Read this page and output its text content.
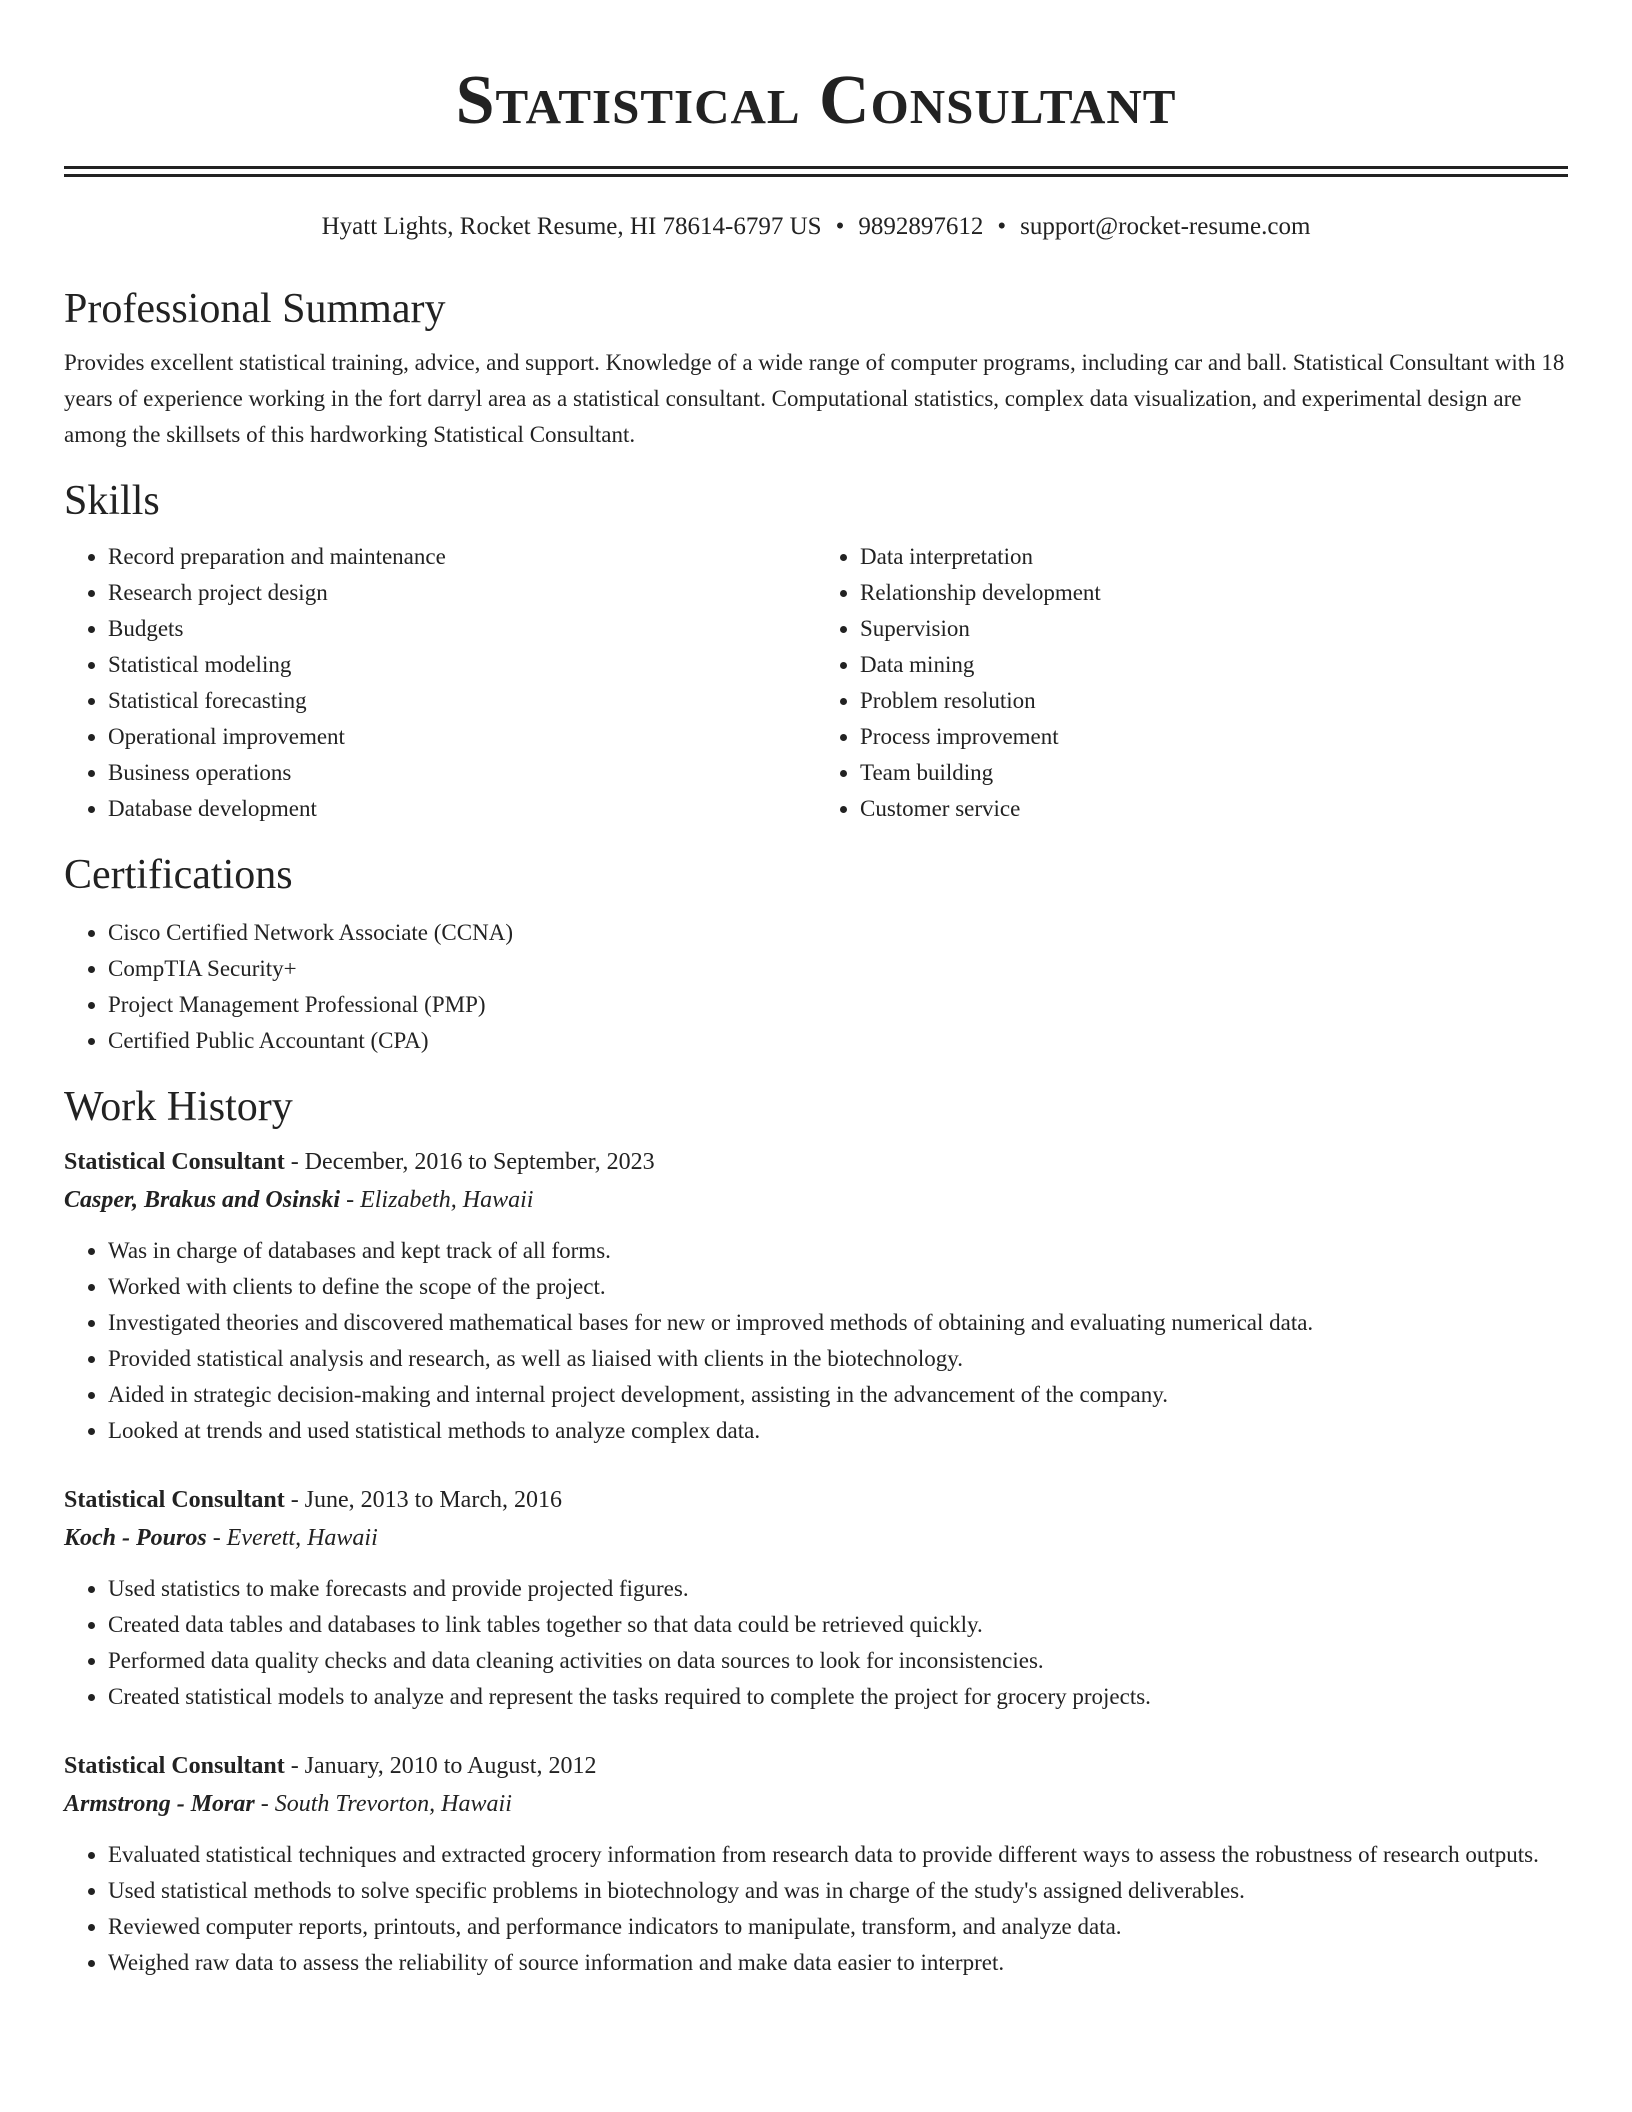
Statistical Consultant
Hyatt Lights, Rocket Resume, HI 78614-6797 US • 9892897612 • support@rocket-resume.com
Professional Summary

Provides excellent statistical training, advice, and support. Knowledge of a wide range of computer programs, including car and ball. Statistical Consultant with 18 years of experience working in the fort darryl area as a statistical consultant. Computational statistics, complex data visualization, and experimental design are among the skillsets of this hardworking Statistical Consultant.

Skills
• Record preparation and maintenance
• Research project design
• Budgets
• Statistical modeling
• Statistical forecasting
• Operational improvement
• Business operations
• Database development
• Data interpretation
• Relationship development
• Supervision
• Data mining
• Problem resolution
• Process improvement
• Team building
• Customer service
Certifications
• Cisco Certified Network Associate (CCNA)
• CompTIA Security+
• Project Management Professional (PMP)
• Certified Public Accountant (CPA)
Work History
Statistical Consultant - December, 2016 to September, 2023
Casper, Brakus and Osinski - Elizabeth, Hawaii
• Was in charge of databases and kept track of all forms.
• Worked with clients to define the scope of the project.
• Investigated theories and discovered mathematical bases for new or improved methods of obtaining and evaluating numerical data.
• Provided statistical analysis and research, as well as liaised with clients in the biotechnology.
• Aided in strategic decision-making and internal project development, assisting in the advancement of the company.
• Looked at trends and used statistical methods to analyze complex data.
Statistical Consultant - June, 2013 to March, 2016
Koch - Pouros - Everett, Hawaii
• Used statistics to make forecasts and provide projected figures.
• Created data tables and databases to link tables together so that data could be retrieved quickly.
• Performed data quality checks and data cleaning activities on data sources to look for inconsistencies.
• Created statistical models to analyze and represent the tasks required to complete the project for grocery projects.
Statistical Consultant - January, 2010 to August, 2012
Armstrong - Morar - South Trevorton, Hawaii
• Evaluated statistical techniques and extracted grocery information from research data to provide different ways to assess the robustness of research outputs.
• Used statistical methods to solve specific problems in biotechnology and was in charge of the study's assigned deliverables.
• Reviewed computer reports, printouts, and performance indicators to manipulate, transform, and analyze data.
• Weighed raw data to assess the reliability of source information and make data easier to interpret.
